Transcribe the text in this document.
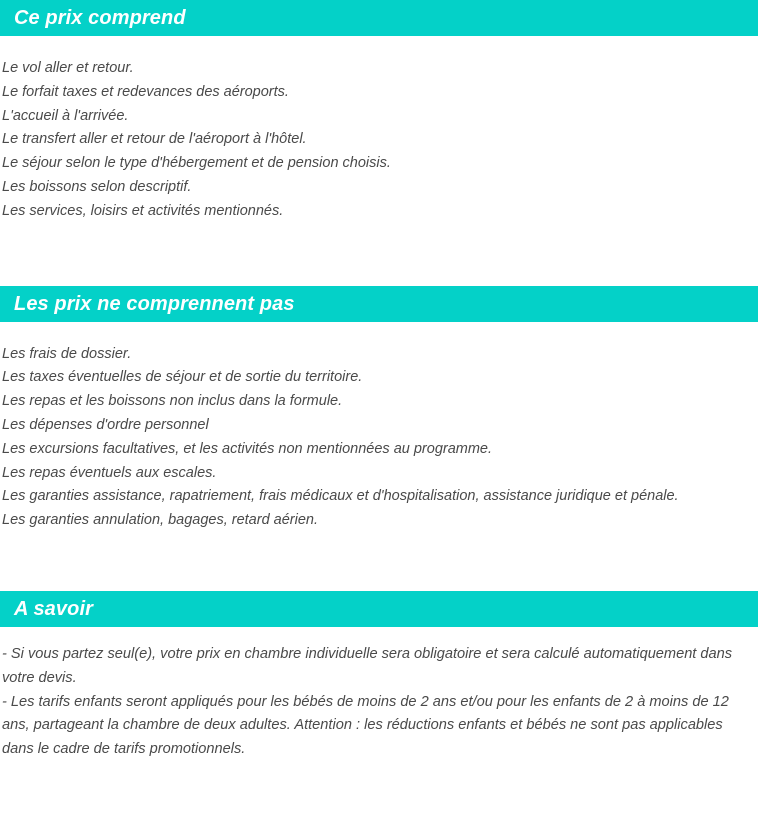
Ce prix comprend
Le vol aller et retour.
Le forfait taxes et redevances des aéroports.
L'accueil à l'arrivée.
Le transfert aller et retour de l'aéroport à l'hôtel.
Le séjour selon le type d'hébergement et de pension choisis.
Les boissons selon descriptif.
Les services, loisirs et activités mentionnés.
Les prix ne comprennent pas
Les frais de dossier.
Les taxes éventuelles de séjour et de sortie du territoire.
Les repas et les boissons non inclus dans la formule.
Les dépenses d'ordre personnel
Les excursions facultatives, et les activités non mentionnées au programme.
Les repas éventuels aux escales.
Les garanties assistance, rapatriement, frais médicaux et d'hospitalisation, assistance juridique et pénale.
Les garanties annulation, bagages, retard aérien.
A savoir
- Si vous partez seul(e), votre prix en chambre individuelle sera obligatoire et sera calculé automatiquement dans votre devis.
- Les tarifs enfants seront appliqués pour les bébés de moins de 2 ans et/ou pour les enfants de 2 à moins de 12 ans, partageant la chambre de deux adultes. Attention : les réductions enfants et bébés ne sont pas applicables dans le cadre de tarifs promotionnels.
